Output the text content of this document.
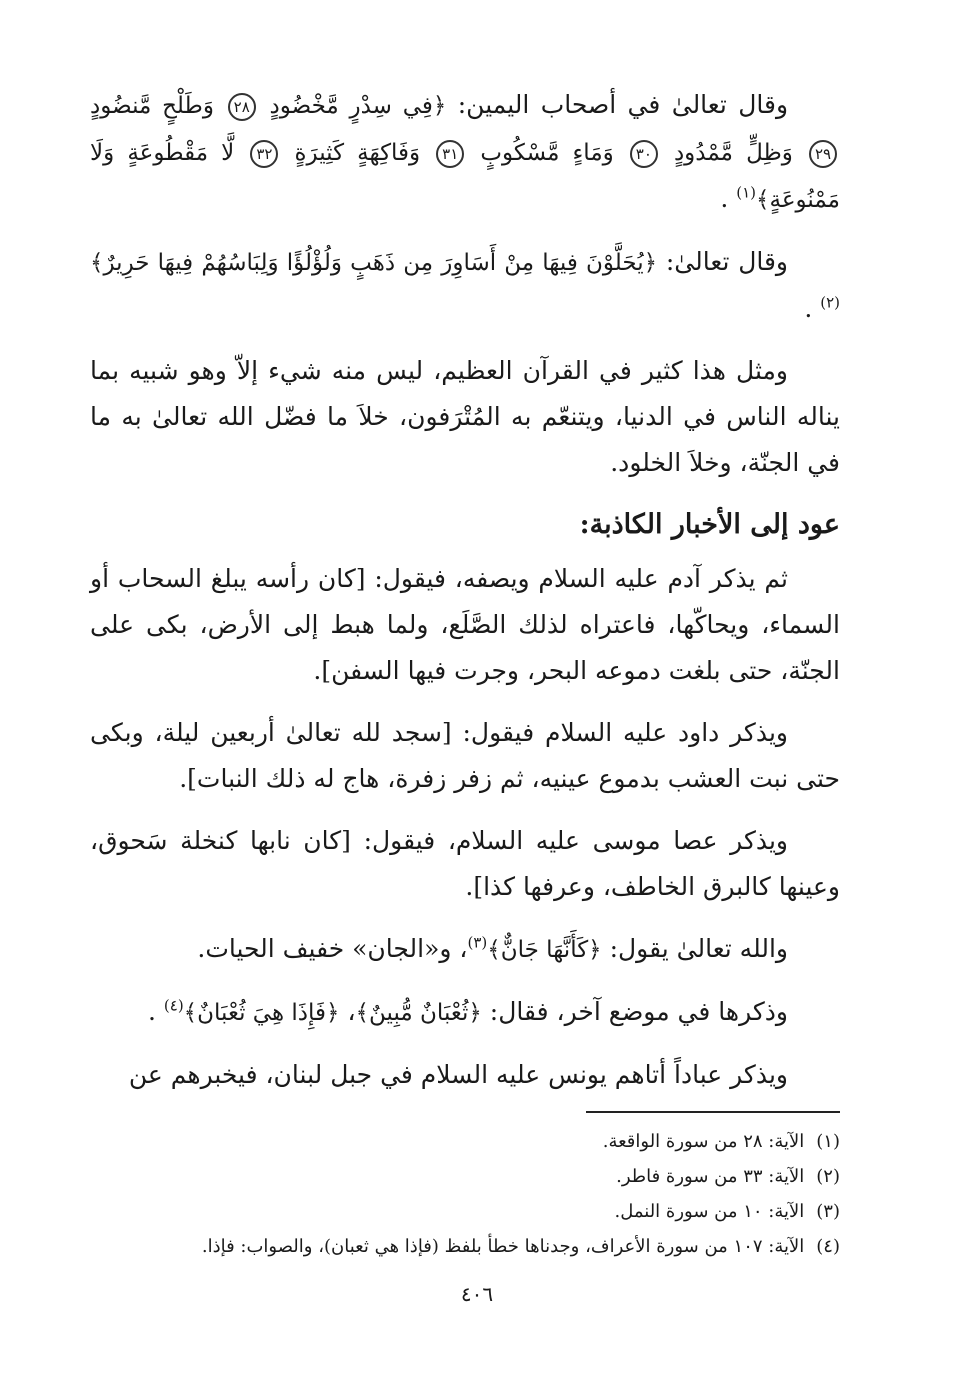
وقال تعالىٰ في أصحاب اليمين: ﴿فِي سِدْرٍ مَّخْضُودٍ ٢٨ وَطَلْحٍ مَّنضُودٍ ٢٩ وَظِلٍّ مَّمْدُودٍ ٣٠ وَمَاءٍ مَّسْكُوبٍ ٣١ وَفَاكِهَةٍ كَثِيرَةٍ ٣٢ لَّا مَقْطُوعَةٍ وَلَا مَمْنُوعَةٍ﴾$^{(١)}$ .

وقال تعالىٰ: ﴿يُحَلَّوْنَ فِيهَا مِنْ أَسَاوِرَ مِن ذَهَبٍ وَلُؤْلُؤًا وَلِبَاسُهُمْ فِيهَا حَرِيرٌ﴾$^{(٢)}$ .

ومثل هذا كثير في القرآن العظيم، ليس منه شيء إلاّ وهو شبيه بما يناله الناس في الدنيا، ويتنعّم به المُتْرَفون، خلاَ ما فضّل الله تعالىٰ به ما في الجنّة، وخلاَ الخلود.

عود إلى الأخبار الكاذبة:

ثم يذكر آدم عليه السلام ويصفه، فيقول: [كان رأسه يبلغ السحاب أو السماء، ويحاكّها، فاعتراه لذلك الصَّلَع، ولما هبط إلى الأرض، بكى على الجنّة، حتى بلغت دموعه البحر، وجرت فيها السفن].

ويذكر داود عليه السلام فيقول: [سجد لله تعالىٰ أربعين ليلة، وبكى حتى نبت العشب بدموع عينيه، ثم زفر زفرة، هاج له ذلك النبات].

ويذكر عصا موسى عليه السلام، فيقول: [كان نابها كنخلة سَحوق، وعينها كالبرق الخاطف، وعرفها كذا].

والله تعالىٰ يقول: ﴿كَأَنَّهَا جَانٌّ﴾$^{(٣)}$، و«الجان» خفيف الحيات.

وذكرها في موضع آخر، فقال: ﴿ثُعْبَانٌ مُّبِينٌ﴾، ﴿فَإِذَا هِيَ ثُعْبَانٌ﴾$^{(٤)}$ .

ويذكر عباداً أتاهم يونس عليه السلام في جبل لبنان، فيخبرهم عن

(١)الآية: ٢٨ من سورة الواقعة.

(٢)الآية: ٣٣ من سورة فاطر.

(٣)الآية: ١٠ من سورة النمل.

(٤)الآية: ١٠٧ من سورة الأعراف، وجدناها خطأ بلفظ (فإذا هي ثعبان)، والصواب: فإذا.

٤٠٦
